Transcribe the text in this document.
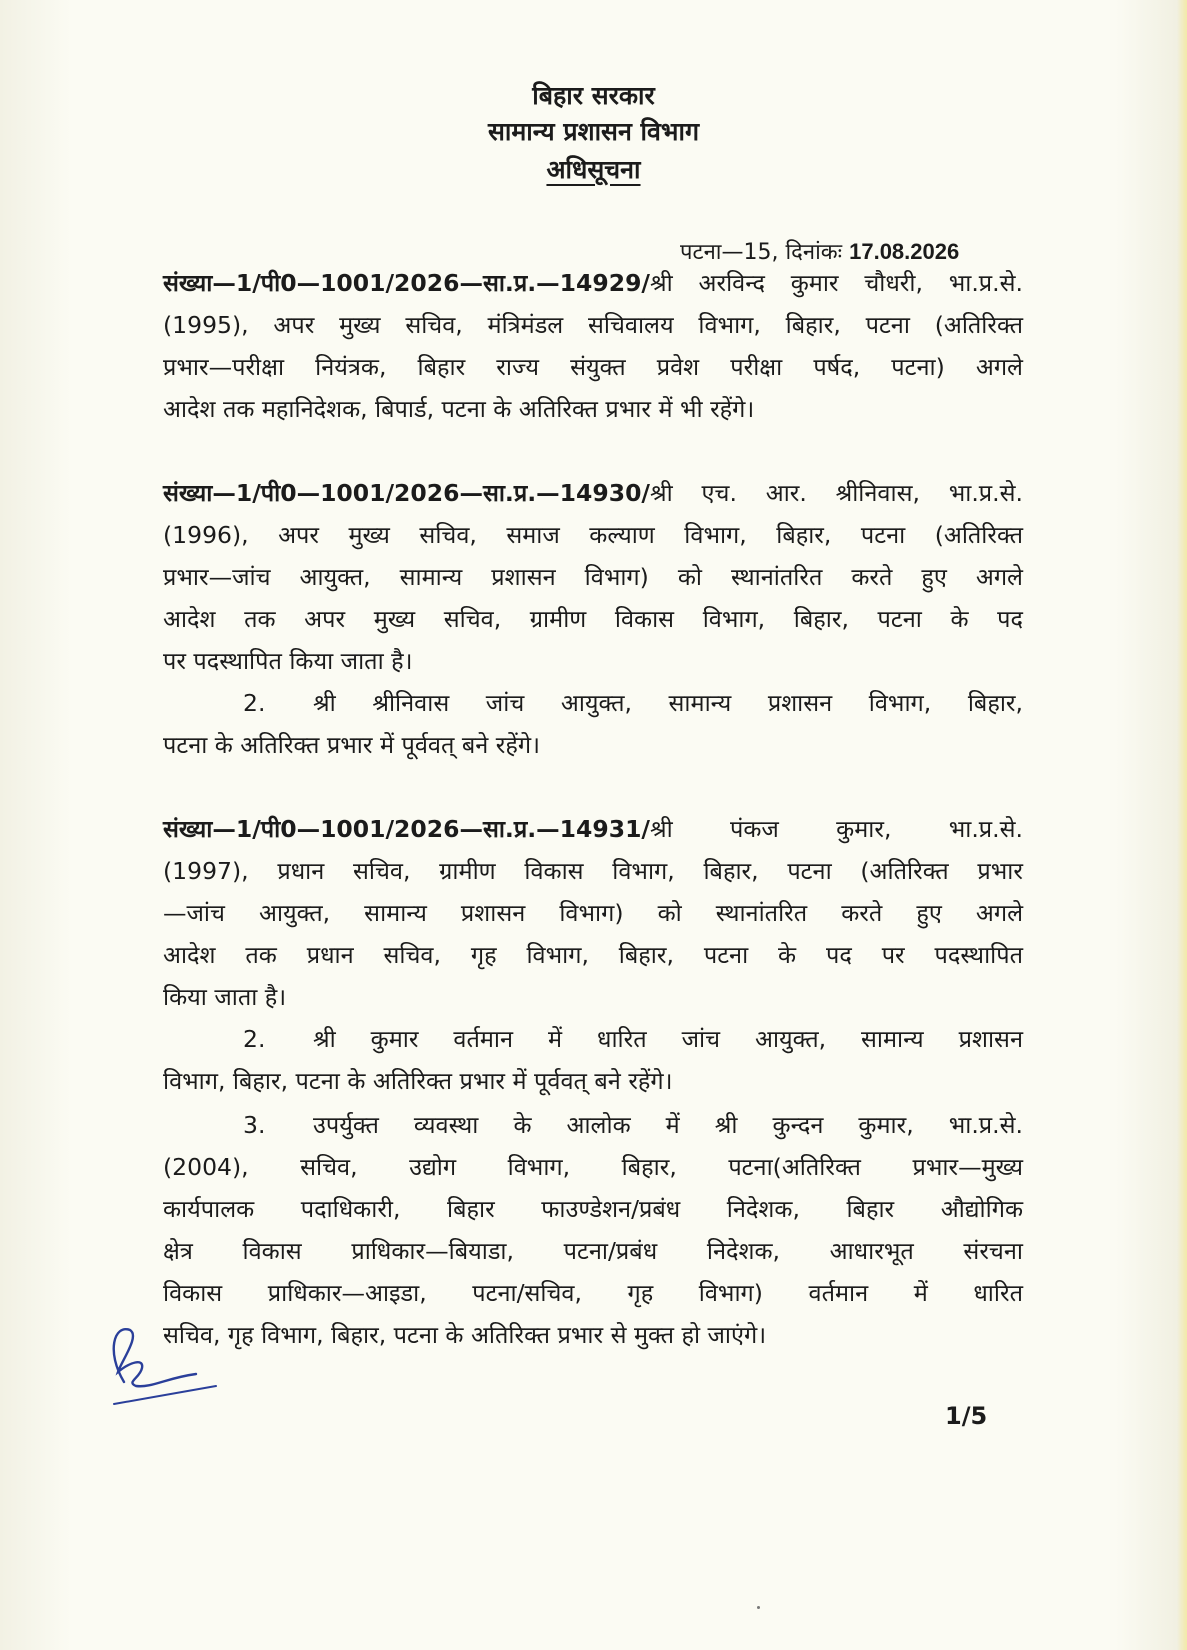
बिहार सरकार
सामान्य प्रशासन विभाग
अधिसूचना
पटना—15, दिनांकः 17.08.2026
संख्या—1/पी0—1001/2026—सा.प्र.—14929/श्री अरविन्द कुमार चौधरी, भा.प्र.से.
(1995), अपर मुख्य सचिव, मंत्रिमंडल सचिवालय विभाग, बिहार, पटना (अतिरिक्त
प्रभार—परीक्षा नियंत्रक, बिहार राज्य संयुक्त प्रवेश परीक्षा पर्षद, पटना) अगले
आदेश तक महानिदेशक, बिपार्ड, पटना के अतिरिक्त प्रभार में भी रहेंगे।
संख्या—1/पी0—1001/2026—सा.प्र.—14930/श्री एच. आर. श्रीनिवास, भा.प्र.से.
(1996), अपर मुख्य सचिव, समाज कल्याण विभाग, बिहार, पटना (अतिरिक्त
प्रभार—जांच आयुक्त, सामान्य प्रशासन विभाग) को स्थानांतरित करते हुए अगले
आदेश तक अपर मुख्य सचिव, ग्रामीण विकास विभाग, बिहार, पटना के पद
पर पदस्थापित किया जाता है।
2. श्री श्रीनिवास जांच आयुक्त, सामान्य प्रशासन विभाग, बिहार,
पटना के अतिरिक्त प्रभार में पूर्ववत् बने रहेंगे।
संख्या—1/पी0—1001/2026—सा.प्र.—14931/श्री पंकज कुमार, भा.प्र.से.
(1997), प्रधान सचिव, ग्रामीण विकास विभाग, बिहार, पटना (अतिरिक्त प्रभार
—जांच आयुक्त, सामान्य प्रशासन विभाग) को स्थानांतरित करते हुए अगले
आदेश तक प्रधान सचिव, गृह विभाग, बिहार, पटना के पद पर पदस्थापित
किया जाता है।
2. श्री कुमार वर्तमान में धारित जांच आयुक्त, सामान्य प्रशासन
विभाग, बिहार, पटना के अतिरिक्त प्रभार में पूर्ववत् बने रहेंगे।
3. उपर्युक्त व्यवस्था के आलोक में श्री कुन्दन कुमार, भा.प्र.से.
(2004), सचिव, उद्योग विभाग, बिहार, पटना(अतिरिक्त प्रभार—मुख्य
कार्यपालक पदाधिकारी, बिहार फाउण्डेशन/प्रबंध निदेशक, बिहार औद्योगिक
क्षेत्र विकास प्राधिकार—बियाडा, पटना/प्रबंध निदेशक, आधारभूत संरचना
विकास प्राधिकार—आइडा, पटना/सचिव, गृह विभाग) वर्तमान में धारित
सचिव, गृह विभाग, बिहार, पटना के अतिरिक्त प्रभार से मुक्त हो जाएंगे।
1/5
